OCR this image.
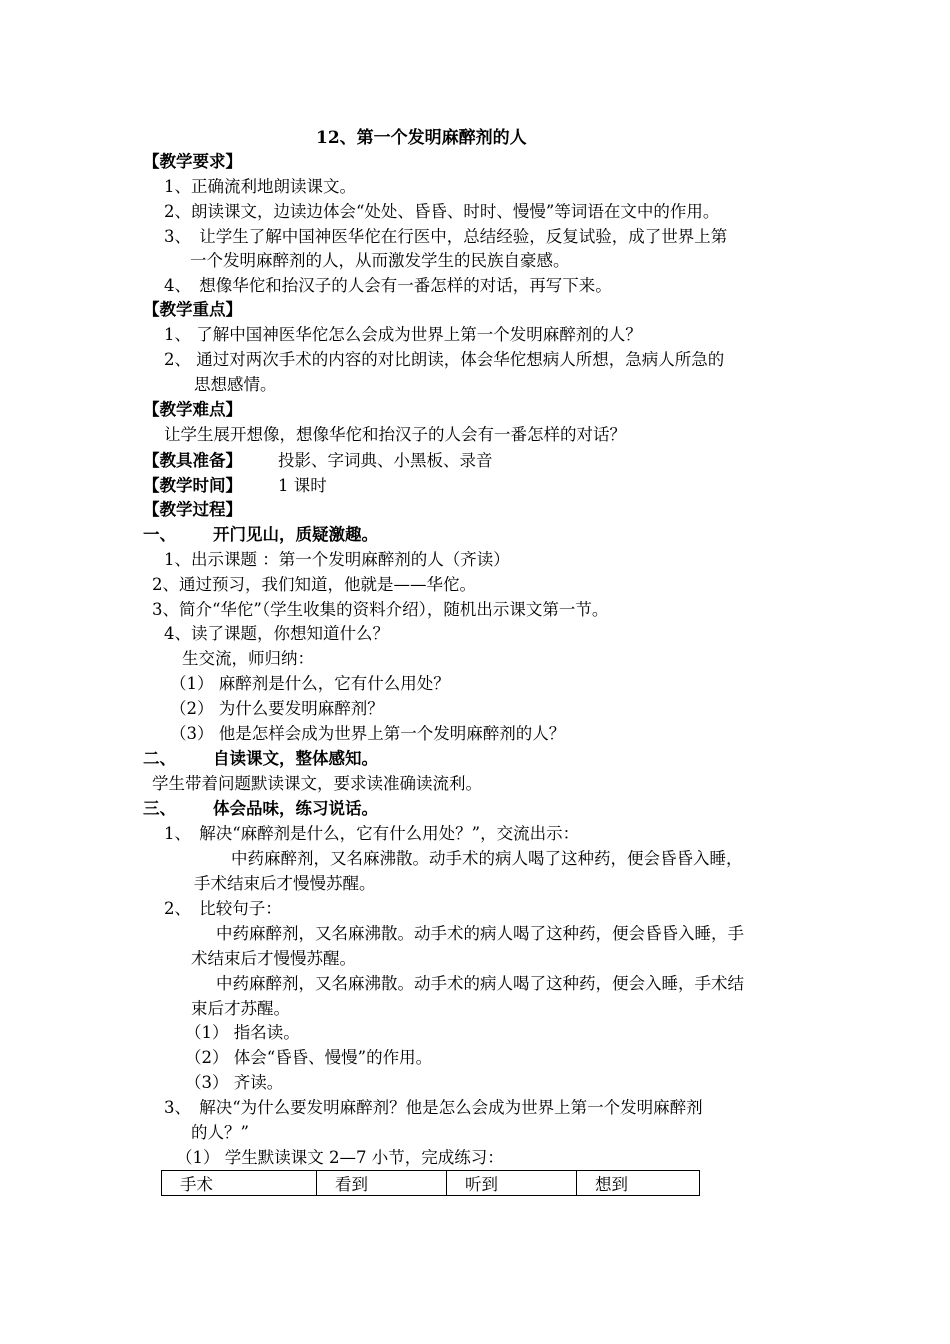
12、第一个发明麻醉剂的人
【教学要求】
1、正确流利地朗读课文。
2、朗读课文，边读边体会“处处、昏昏、时时、慢慢”等词语在文中的作用。
3、　让学生了解中国神医华佗在行医中，总结经验，反复试验，成了世界上第
一个发明麻醉剂的人，从而激发学生的民族自豪感。
4、　想像华佗和抬汉子的人会有一番怎样的对话，再写下来。
【教学重点】
1、 了解中国神医华佗怎么会成为世界上第一个发明麻醉剂的人？
2、 通过对两次手术的内容的对比朗读，体会华佗想病人所想，急病人所急的
思想感情。
【教学难点】
让学生展开想像，想像华佗和抬汉子的人会有一番怎样的对话？
【教具准备】 投影、字词典、小黑板、录音
【教学时间】 1 课时
【教学过程】
一、 开门见山，质疑激趣。
1、出示课题 ：第一个发明麻醉剂的人（齐读）
2、通过预习，我们知道，他就是——华佗。
3、简介“华佗”（学生收集的资料介绍），随机出示课文第一节。
4、读了课题，你想知道什么？
生交流，师归纳：
（1） 麻醉剂是什么，它有什么用处？
（2） 为什么要发明麻醉剂？
（3） 他是怎样会成为世界上第一个发明麻醉剂的人？
二、 自读课文，整体感知。
学生带着问题默读课文，要求读准确读流利。
三、 体会品味，练习说话。
1、　解决“麻醉剂是什么，它有什么用处？”，交流出示：
中药麻醉剂，又名麻沸散。动手术的病人喝了这种药，便会昏昏入睡，
手术结束后才慢慢苏醒。
2、　比较句子：
中药麻醉剂，又名麻沸散。动手术的病人喝了这种药，便会昏昏入睡，手
术结束后才慢慢苏醒。
中药麻醉剂，又名麻沸散。动手术的病人喝了这种药，便会入睡，手术结
束后才苏醒。
（1） 指名读。
（2） 体会“昏昏、慢慢”的作用。
（3） 齐读。
3、　解决“为什么要发明麻醉剂？他是怎么会成为世界上第一个发明麻醉剂
的人？”
（1） 学生默读课文 2—7 小节，完成练习：
手术	看到	听到	想到
